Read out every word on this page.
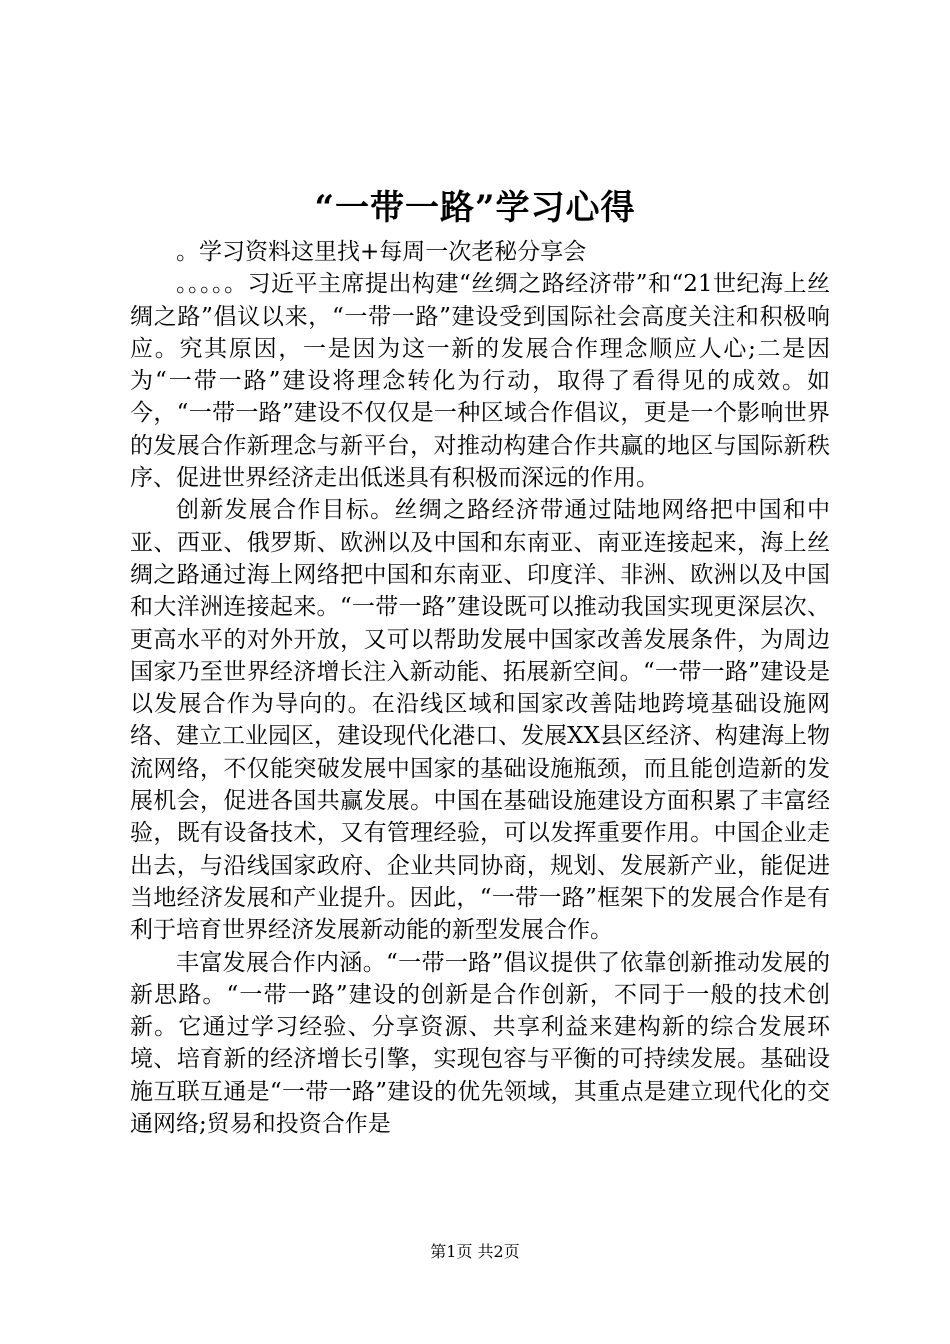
“一带一路”学习心得

。学习资料这里找+每周一次老秘分享会

。。。。。习近平主席提出构建“丝绸之路经济带”和“21世纪海上丝绸之路”倡议以来，“一带一路”建设受到国际社会高度关注和积极响应。究其原因，一是因为这一新的发展合作理念顺应人心;二是因为“一带一路”建设将理念转化为行动，取得了看得见的成效。如今，“一带一路”建设不仅仅是一种区域合作倡议，更是一个影响世界的发展合作新理念与新平台，对推动构建合作共赢的地区与国际新秩序、促进世界经济走出低迷具有积极而深远的作用。

创新发展合作目标。丝绸之路经济带通过陆地网络把中国和中亚、西亚、俄罗斯、欧洲以及中国和东南亚、南亚连接起来，海上丝绸之路通过海上网络把中国和东南亚、印度洋、非洲、欧洲以及中国和大洋洲连接起来。“一带一路”建设既可以推动我国实现更深层次、更高水平的对外开放，又可以帮助发展中国家改善发展条件，为周边国家乃至世界经济增长注入新动能、拓展新空间。“一带一路”建设是以发展合作为导向的。在沿线区域和国家改善陆地跨境基础设施网络、建立工业园区，建设现代化港口、发展XX县区经济、构建海上物流网络，不仅能突破发展中国家的基础设施瓶颈，而且能创造新的发展机会，促进各国共赢发展。中国在基础设施建设方面积累了丰富经验，既有设备技术，又有管理经验，可以发挥重要作用。中国企业走出去，与沿线国家政府、企业共同协商，规划、发展新产业，能促进当地经济发展和产业提升。因此，“一带一路”框架下的发展合作是有利于培育世界经济发展新动能的新型发展合作。

丰富发展合作内涵。“一带一路”倡议提供了依靠创新推动发展的新思路。“一带一路”建设的创新是合作创新，不同于一般的技术创新。它通过学习经验、分享资源、共享利益来建构新的综合发展环境、培育新的经济增长引擎，实现包容与平衡的可持续发展。基础设施互联互通是“一带一路”建设的优先领域，其重点是建立现代化的交通网络;贸易和投资合作是

第1页 共2页
